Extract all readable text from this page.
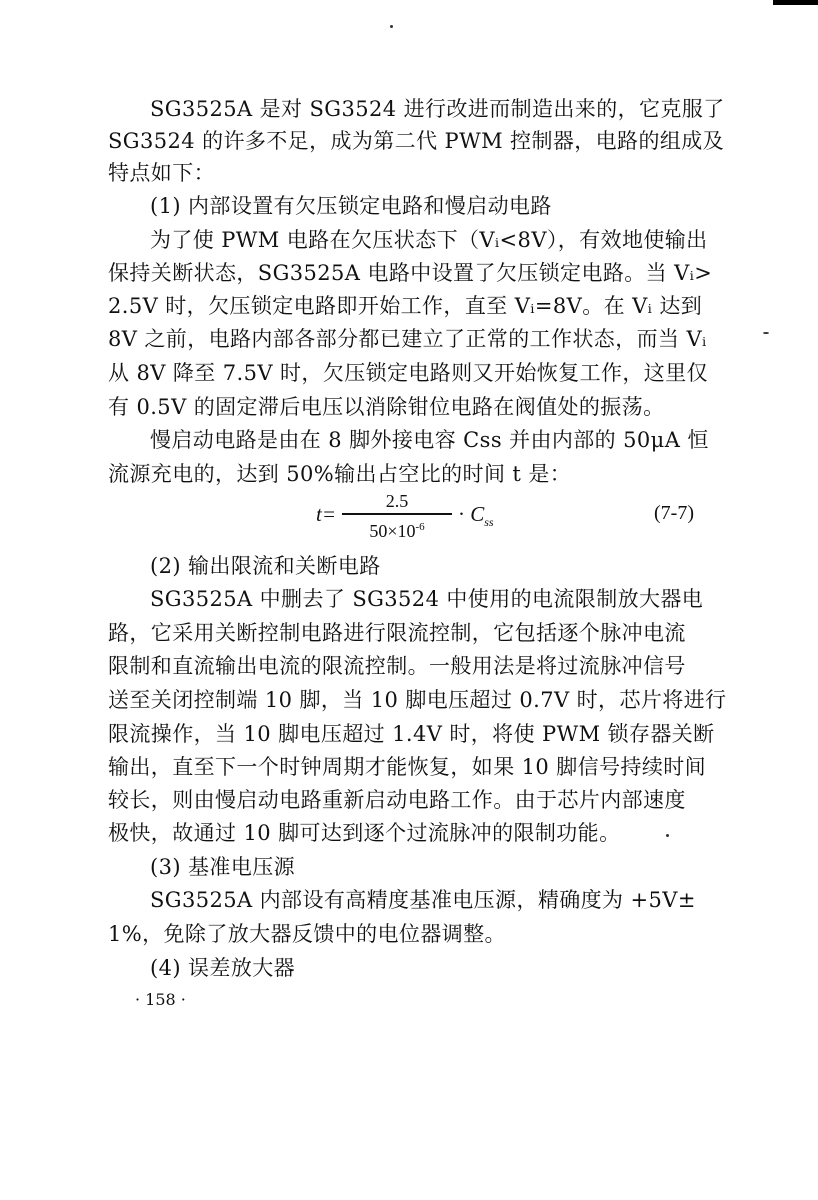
SG3525A 是对 SG3524 进行改进而制造出来的，它克服了
SG3524 的许多不足，成为第二代 PWM 控制器，电路的组成及
特点如下：
(1) 内部设置有欠压锁定电路和慢启动电路
为了使 PWM 电路在欠压状态下（Vᵢ<8V），有效地使输出
保持关断状态，SG3525A 电路中设置了欠压锁定电路。当 Vᵢ>
2.5V 时，欠压锁定电路即开始工作，直至 Vᵢ=8V。在 Vᵢ 达到
8V 之前，电路内部各部分都已建立了正常的工作状态，而当 Vᵢ
从 8V 降至 7.5V 时，欠压锁定电路则又开始恢复工作，这里仅
有 0.5V 的固定滞后电压以消除钳位电路在阀值处的振荡。
慢启动电路是由在 8 脚外接电容 Css 并由内部的 50μA 恒
流源充电的，达到 50%输出占空比的时间 t 是：
t=
2.5
$50\times 10^{-6}$
· $C_{ss}$	(7-7)
(2) 输出限流和关断电路
SG3525A 中删去了 SG3524 中使用的电流限制放大器电
路，它采用关断控制电路进行限流控制，它包括逐个脉冲电流
限制和直流输出电流的限流控制。一般用法是将过流脉冲信号
送至关闭控制端 10 脚，当 10 脚电压超过 0.7V 时，芯片将进行
限流操作，当 10 脚电压超过 1.4V 时，将使 PWM 锁存器关断
输出，直至下一个时钟周期才能恢复，如果 10 脚信号持续时间
较长，则由慢启动电路重新启动电路工作。由于芯片内部速度
极快，故通过 10 脚可达到逐个过流脉冲的限制功能。
(3) 基准电压源
SG3525A 内部设有高精度基准电压源，精确度为 +5V±
1%，免除了放大器反馈中的电位器调整。
(4) 误差放大器
· 158 ·
